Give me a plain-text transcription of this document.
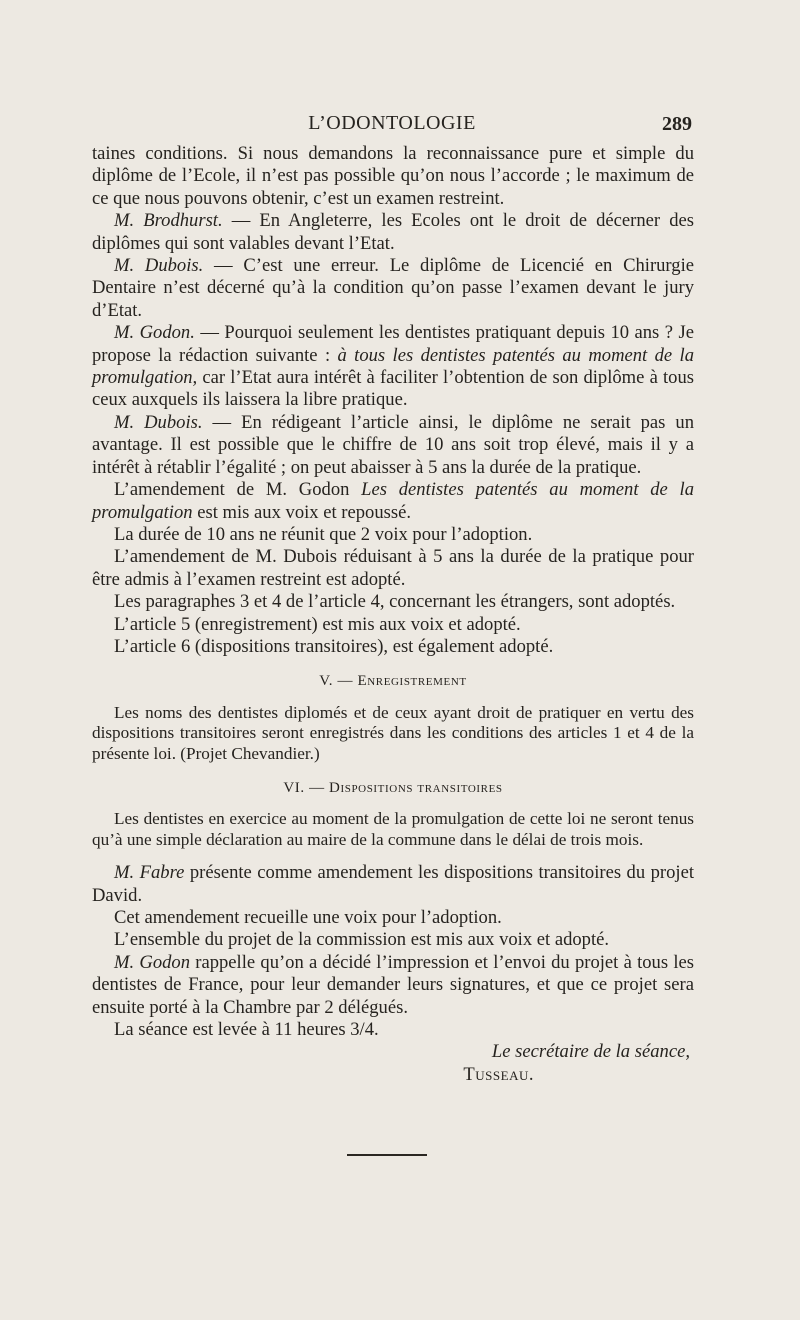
L’ODONTOLOGIE	289

taines conditions. Si nous demandons la reconnaissance pure et simple du diplôme de l’Ecole, il n’est pas possible qu’on nous l’accorde ; le maximum de ce que nous pouvons obtenir, c’est un examen restreint.

M. Brodhurst. — En Angleterre, les Ecoles ont le droit de décerner des diplômes qui sont valables devant l’Etat.

M. Dubois. — C’est une erreur. Le diplôme de Licencié en Chirurgie Dentaire n’est décerné qu’à la condition qu’on passe l’examen devant le jury d’Etat.

M. Godon. — Pourquoi seulement les dentistes pratiquant depuis 10 ans ? Je propose la rédaction suivante : à tous les dentistes patentés au moment de la promulgation, car l’Etat aura intérêt à faciliter l’obtention de son diplôme à tous ceux auxquels ils laissera la libre pratique.

M. Dubois. — En rédigeant l’article ainsi, le diplôme ne serait pas un avantage. Il est possible que le chiffre de 10 ans soit trop élevé, mais il y a intérêt à rétablir l’égalité ; on peut abaisser à 5 ans la durée de la pratique.

L’amendement de M. Godon Les dentistes patentés au moment de la promulgation est mis aux voix et repoussé.

La durée de 10 ans ne réunit que 2 voix pour l’adoption.

L’amendement de M. Dubois réduisant à 5 ans la durée de la pratique pour être admis à l’examen restreint est adopté.

Les paragraphes 3 et 4 de l’article 4, concernant les étrangers, sont adoptés.

L’article 5 (enregistrement) est mis aux voix et adopté.

L’article 6 (dispositions transitoires), est également adopté.

V. — Enregistrement

Les noms des dentistes diplomés et de ceux ayant droit de pratiquer en vertu des dispositions transitoires seront enregistrés dans les conditions des articles 1 et 4 de la présente loi. (Projet Chevandier.)

VI. — Dispositions transitoires

Les dentistes en exercice au moment de la promulgation de cette loi ne seront tenus qu’à une simple déclaration au maire de la commune dans le délai de trois mois.

M. Fabre présente comme amendement les dispositions transitoires du projet David.

Cet amendement recueille une voix pour l’adoption.

L’ensemble du projet de la commission est mis aux voix et adopté.

M. Godon rappelle qu’on a décidé l’impression et l’envoi du projet à tous les dentistes de France, pour leur demander leurs signatures, et que ce projet sera ensuite porté à la Chambre par 2 délégués.

La séance est levée à 11 heures 3/4.

Le secrétaire de la séance,

Tusseau.
